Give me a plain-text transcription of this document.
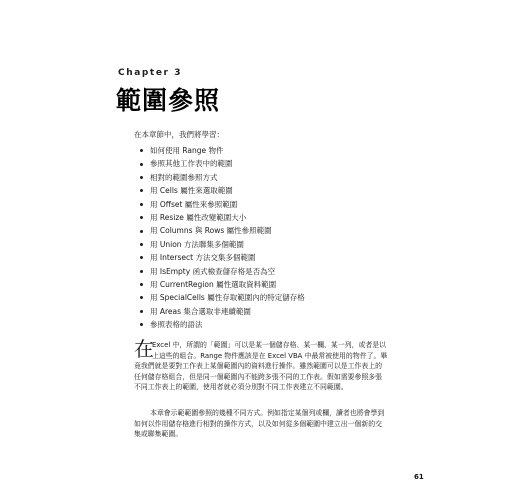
Chapter 3
範圍參照
在本章節中，我們將學習：
如何使用 Range 物件
參照其他工作表中的範圍
相對的範圍參照方式
用 Cells 屬性來選取範圍
用 Offset 屬性來參照範圍
用 Resize 屬性改變範圍大小
用 Columns 與 Rows 屬性參照範圍
用 Union 方法聯集多個範圍
用 Intersect 方法交集多個範圍
用 IsEmpty 函式檢查儲存格是否為空
用 CurrentRegion 屬性選取資料範圍
用 SpecialCells 屬性存取範圍內的特定儲存格
用 Areas 集合選取非連續範圍
參照表格的語法
在
Excel 中，所謂的「範圍」可以是某一個儲存格、某一欄、某一列，或者是以
上這些的組合。Range 物件應該是在 Excel VBA 中最常被使用的物件了。畢
竟我們就是要對工作表上某個範圍內的資料進行操作。雖然範圍可以是工作表上的
任何儲存格組合，但是同一個範圍內不能跨多張不同的工作表。假如需要參照多張
不同工作表上的範圍，使用者就必須分別對不同工作表建立不同範圍。
本章會示範範圍參照的幾種不同方式。例如指定某個列或欄，讀者也將會學到
如何以作用儲存格進行相對的操作方式，以及如何從多個範圍中建立出一個新的交
集或聯集範圍。
61
